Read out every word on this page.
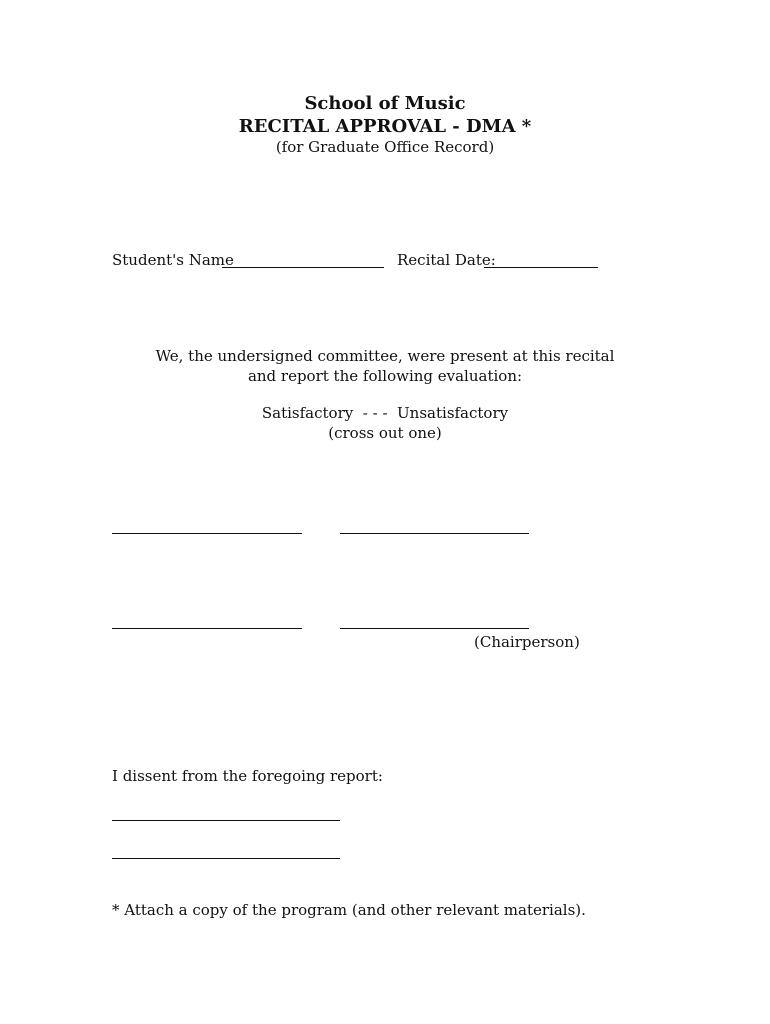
School of Music
RECITAL APPROVAL - DMA *
(for Graduate Office Record)
Student's Name	Recital Date:
We, the undersigned committee, were present at this recital
and report the following evaluation:
Satisfactory  - - -  Unsatisfactory
(cross out one)
(Chairperson)
I dissent from the foregoing report:
* Attach a copy of the program (and other relevant materials).
